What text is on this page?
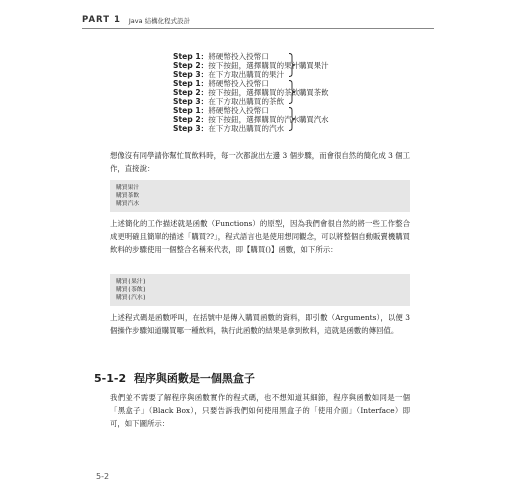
PART 1 Java 結構化程式設計
Step 1：將硬幣投入投幣口
Step 2：按下按鈕，選擇購買的果汁
Step 3：在下方取出購買的果汁
購買果汁
Step 1：將硬幣投入投幣口
Step 2：按下按鈕，選擇購買的茶飲
Step 3：在下方取出購買的茶飲
購買茶飲
Step 1：將硬幣投入投幣口
Step 2：按下按鈕，選擇購買的汽水
Step 3：在下方取出購買的汽水
購買汽水
想像沒有同學請你幫忙買飲料時，每一次都說出左邊 3 個步驟，而會很自然的簡化成 3 個工作，直接說：
購買果汁
購買茶飲
購買汽水
上述簡化的工作描述就是函數（Functions）的原型，因為我們會很自然的將一些工作整合成更明確且簡單的描述「購買??」，程式語言也是使用想同觀念，可以將整個自動販賣機購買飲料的步驟使用一個整合名稱來代表，即【購買()】函數，如下所示：
購買(果汁)
購買(茶飲)
購買(汽水)
上述程式碼是函數呼叫，在括號中是傳入購買函數的資料，即引數（Arguments），以便 3 個操作步驟知道購買哪一種飲料，執行此函數的結果是拿到飲料，這就是函數的傳回值。
5-1-2 程序與函數是一個黑盒子
我們並不需要了解程序與函數實作的程式碼，也不想知道其細節，程序與函數如同是一個「黑盒子」（Black Box），只要告訴我們如何使用黑盒子的「使用介面」（Interface）即可，如下圖所示：
5-2
